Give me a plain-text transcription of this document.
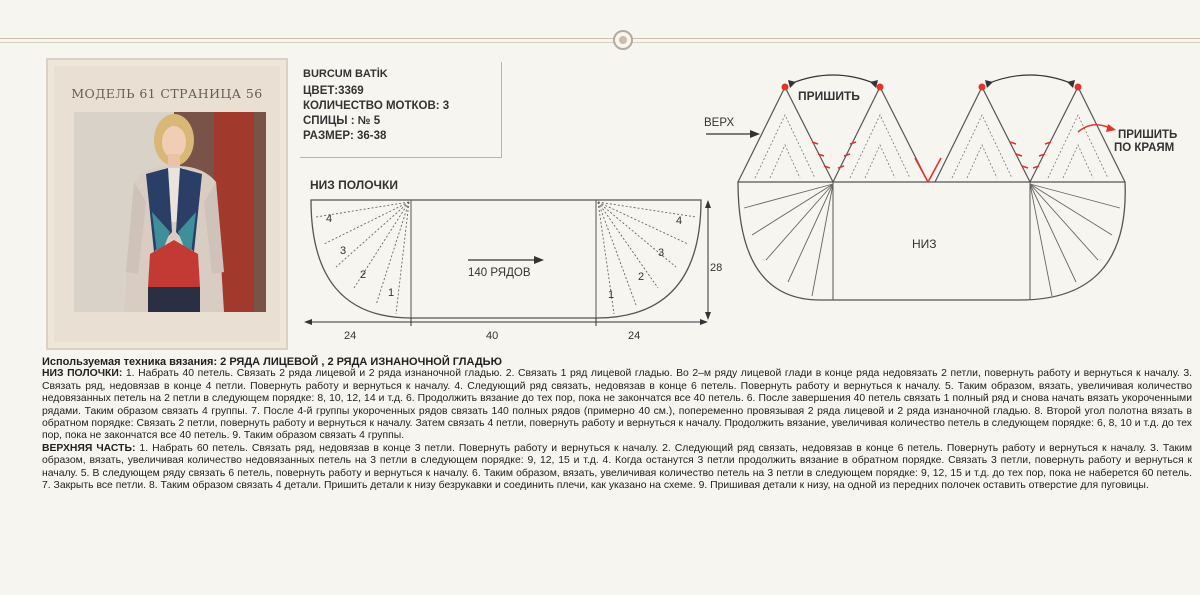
МОДЕЛЬ 61 СТРАНИЦА 56
BURCUM BATİK
ЦВЕТ:3369
КОЛИЧЕСТВО МОТКОВ: 3
СПИЦЫ : № 5
РАЗМЕР: 36-38
НИЗ ПОЛОЧКИ
4
3
2
1
4
3
2
1
140 РЯДОВ	28
24	40	24
НИЗ
ПРИШИТЬ
ВЕРХ
ПРИШИТЬ ПО КРАЯМ

Используемая техника вязания: 2 РЯДА ЛИЦЕВОЙ , 2 РЯДА ИЗНАНОЧНОЙ ГЛАДЬЮ

НИЗ ПОЛОЧКИ: 1. Набрать 40 петель. Связать 2 ряда лицевой и 2 ряда изнаночной гладью. 2. Связать 1 ряд лицевой гладью. Во 2–м ряду лицевой глади в конце ряда недовязать 2 петли, повернуть работу и вернуться к началу. 3. Связать ряд, недовязав в конце 4 петли. Повернуть работу и вернуться к началу. 4. Следующий ряд связать, недовязав в конце 6 петель. Повернуть работу и вернуться к началу. 5. Таким образом, вязать, увеличивая количество недовязанных петель на 2 петли в следующем порядке: 8, 10, 12, 14 и т.д. 6. Продолжить вязание до тех пор, пока не закончатся все 40 петель. 6. После завершения 40 петель связать 1 полный ряд и снова начать вязать укороченными рядами. Таким образом связать 4 группы. 7. После 4-й группы укороченных рядов связать 140 полных рядов (примерно 40 см.), попеременно провязывая 2 ряда лицевой и 2 ряда изнаночной гладью. 8. Второй угол полотна вязать в обратном порядке: Связать 2 петли, повернуть работу и вернуться к началу. Затем связать 4 петли, повернуть работу и вернуться к началу. Продолжить вязание, увеличивая количество петель в следующем порядке: 6, 8, 10 и т.д. до тех пор, пока не закончатся все 40 петель. 9. Таким образом связать 4 группы.

ВЕРХНЯЯ ЧАСТЬ: 1. Набрать 60 петель. Связать ряд, недовязав в конце 3 петли. Повернуть работу и вернуться к началу. 2. Следующий ряд связать, недовязав в конце 6 петель. Повернуть работу и вернуться к началу. 3. Таким образом, вязать, увеличивая количество недовязанных петель на 3 петли в следующем порядке: 9, 12, 15 и т.д. 4. Когда останутся 3 петли продолжить вязание в обратном порядке. Связать 3 петли, повернуть работу и вернуться к началу. 5. В следующем ряду связать 6 петель, повернуть работу и вернуться к началу. 6. Таким образом, вязать, увеличивая количество петель на 3 петли в следующем порядке: 9, 12, 15 и т.д. до тех пор, пока не наберется 60 петель. 7. Закрыть все петли. 8. Таким образом связать 4 детали. Пришить детали к низу безрукавки и соединить плечи, как указано на схеме. 9. Пришивая детали к низу, на одной из передних полочек оставить отверстие для пуговицы.
